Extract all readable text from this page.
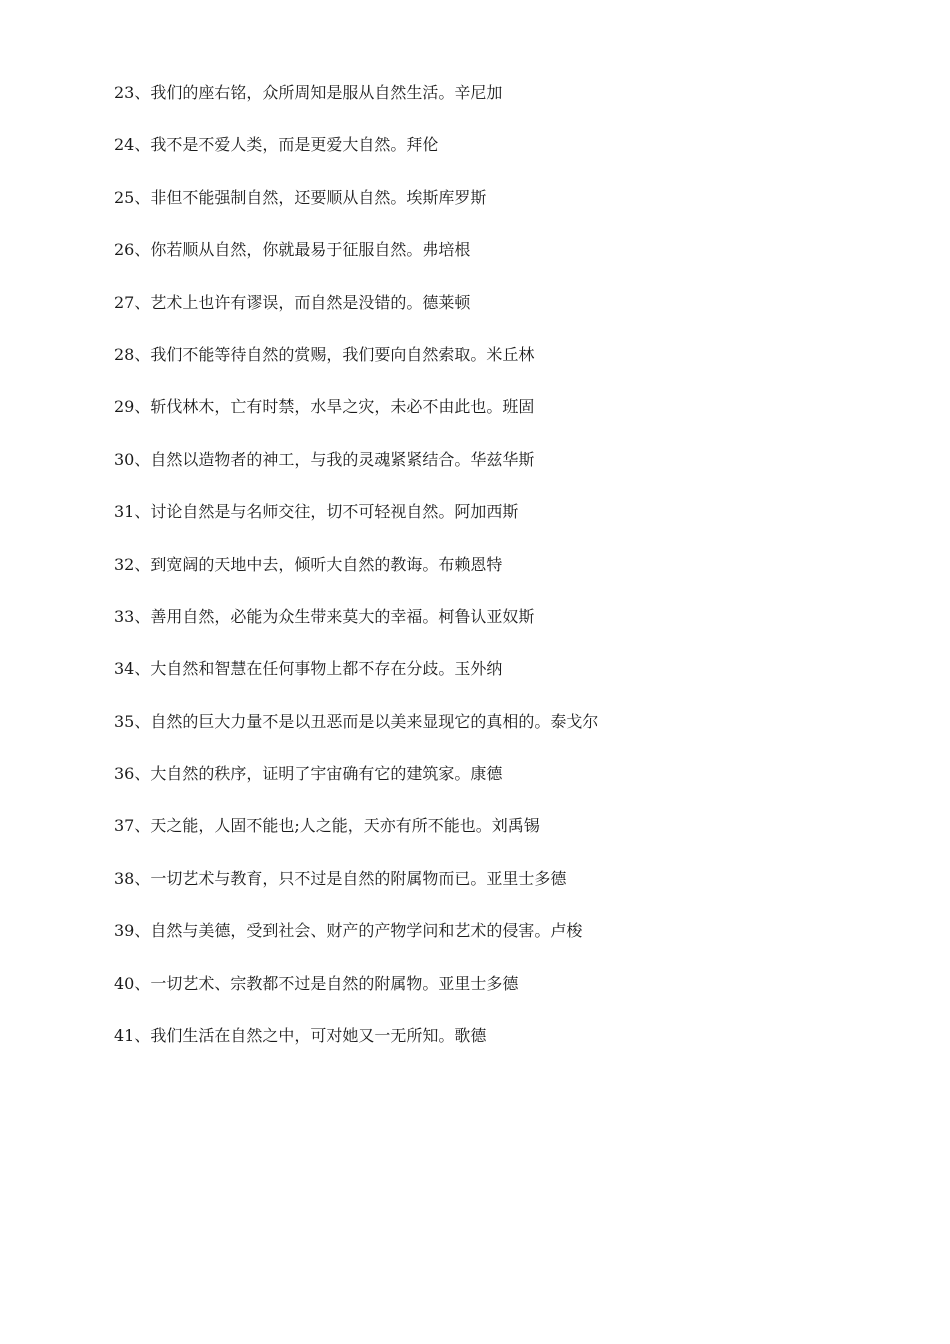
23、我们的座右铭，众所周知是服从自然生活。辛尼加
24、我不是不爱人类，而是更爱大自然。拜伦
25、非但不能强制自然，还要顺从自然。埃斯库罗斯
26、你若顺从自然，你就最易于征服自然。弗培根
27、艺术上也许有谬误，而自然是没错的。德莱顿
28、我们不能等待自然的赏赐，我们要向自然索取。米丘林
29、斩伐林木，亡有时禁，水旱之灾，未必不由此也。班固
30、自然以造物者的神工，与我的灵魂紧紧结合。华兹华斯
31、讨论自然是与名师交往，切不可轻视自然。阿加西斯
32、到宽阔的天地中去，倾听大自然的教诲。布赖恩特
33、善用自然，必能为众生带来莫大的幸福。柯鲁认亚奴斯
34、大自然和智慧在任何事物上都不存在分歧。玉外纳
35、自然的巨大力量不是以丑恶而是以美来显现它的真相的。泰戈尔
36、大自然的秩序，证明了宇宙确有它的建筑家。康德
37、天之能，人固不能也;人之能，天亦有所不能也。刘禹锡
38、一切艺术与教育，只不过是自然的附属物而已。亚里士多德
39、自然与美德，受到社会、财产的产物学问和艺术的侵害。卢梭
40、一切艺术、宗教都不过是自然的附属物。亚里士多德
41、我们生活在自然之中，可对她又一无所知。歌德
